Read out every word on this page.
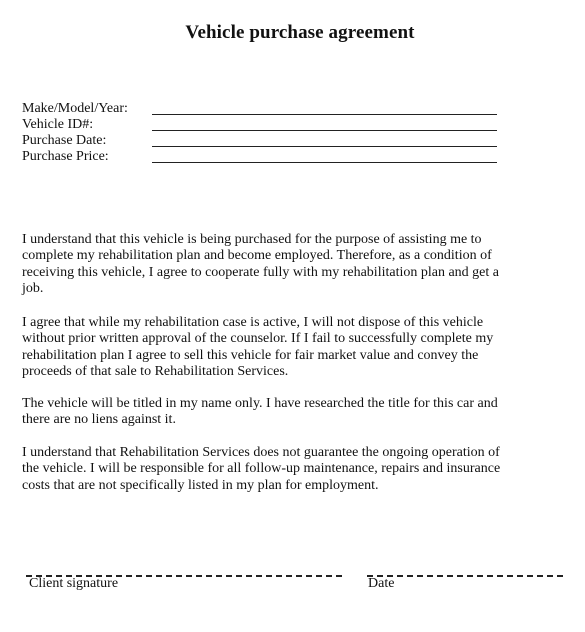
Vehicle purchase agreement
Make/Model/Year:
Vehicle ID#:
Purchase Date:
Purchase Price:
I understand that this vehicle is being purchased for the purpose of assisting me to
complete my rehabilitation plan and become employed. Therefore, as a condition of
receiving this vehicle, I agree to cooperate fully with my rehabilitation plan and get a
job.
I agree that while my rehabilitation case is active, I will not dispose of this vehicle
without prior written approval of the counselor. If I fail to successfully complete my
rehabilitation plan I agree to sell this vehicle for fair market value and convey the
proceeds of that sale to Rehabilitation Services.
The vehicle will be titled in my name only. I have researched the title for this car and
there are no liens against it.
I understand that Rehabilitation Services does not guarantee the ongoing operation of
the vehicle. I will be responsible for all follow-up maintenance, repairs and insurance
costs that are not specifically listed in my plan for employment.
Client signature	Date
